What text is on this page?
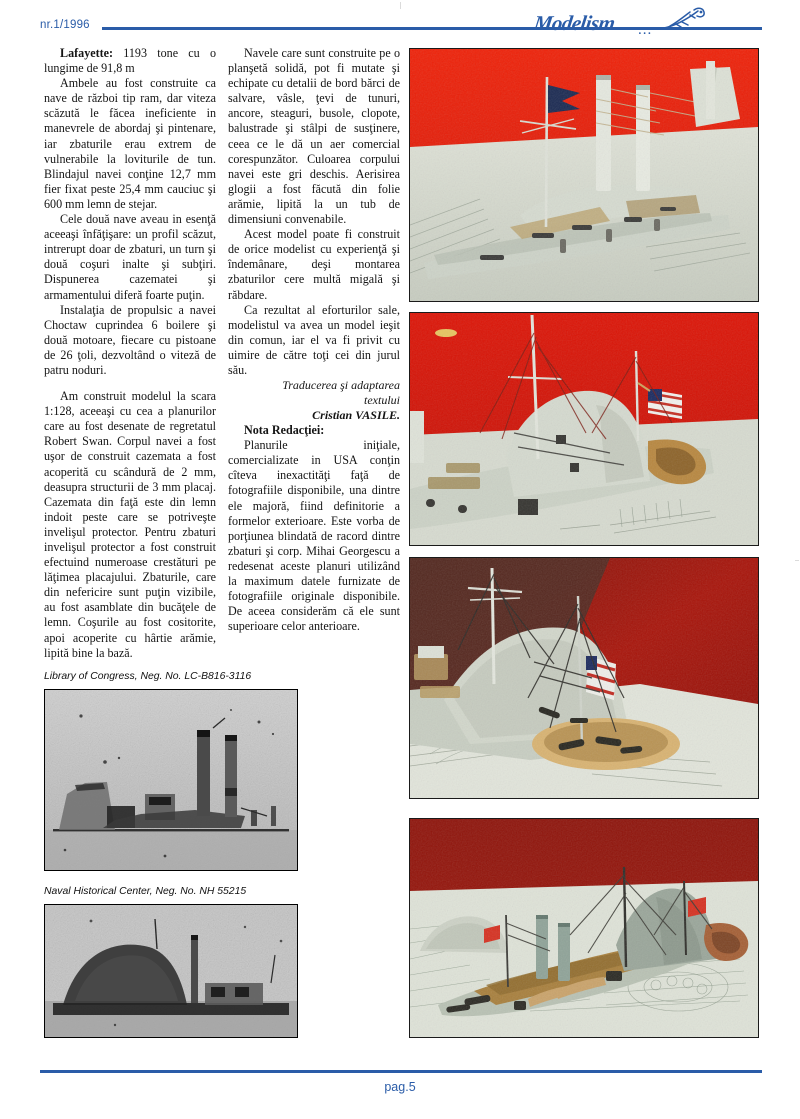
nr.1/1996	Modelism ...

Lafayette: 1193 tone cu o lungime de 91,8 m

Ambele au fost construite ca nave de război tip ram, dar viteza scăzută le făcea ineficiente in manevrele de abordaj şi pintenare, iar zbaturile erau extrem de vulnerabile la loviturile de tun. Blindajul navei conţine 12,7 mm fier fixat peste 25,4 mm cauciuc şi 600 mm lemn de stejar.

Cele două nave aveau in esenţă aceeaşi înfăţişare: un profil scăzut, intrerupt doar de zbaturi, un turn şi două coşuri inalte şi subţiri. Dispunerea cazematei şi armamentului diferă foarte puţin.

Instalaţia de propulsic a navei Choctaw cuprindea 6 boilere şi două motoare, fiecare cu pistoane de 26 ţoli, dezvoltând o viteză de patru noduri.

Am construit modelul la scara 1:128, aceeaşi cu cea a planurilor care au fost desenate de regretatul Robert Swan. Corpul navei a fost uşor de construit cazemata a fost acoperită cu scândură de 2 mm, deasupra structurii de 3 mm placaj. Cazemata din faţă este din lemn indoit peste care se potriveşte invelişul protector. Pentru zbaturi invelişul protector a fost construit efectuind numeroase crestături pe lăţimea placajului. Zbaturile, care din nefericire sunt puţin vizibile, au fost asamblate din bucăţele de lemn. Coşurile au fost cositorite, apoi acoperite cu hârtie arămie, lipită bine la bază.

Navele care sunt construite pe o planşetă solidă, pot fi mutate şi echipate cu detalii de bord bărci de salvare, vâsle, ţevi de tunuri, ancore, steaguri, busole, clopote, balustrade şi stâlpi de susţinere, ceea ce le dă un aer comercial corespunzător. Culoarea corpului navei este gri deschis. Aerisirea glogii a fost făcută din folie arămie, lipită la un tub de dimensiuni convenabile.

Acest model poate fi construit de orice modelist cu experienţă şi îndemânare, deşi montarea zbaturilor cere multă migală şi răbdare.

Ca rezultat al eforturilor sale, modelistul va avea un model ieşit din comun, iar el va fi privit cu uimire de către toţi cei din jurul său.

Traducerea şi adaptarea textului

Cristian VASILE.

Nota Redacţiei:

Planurile iniţiale, comercializate in USA conţin cîteva inexactităţi faţă de fotografiile disponibile, una dintre ele majoră, fiind definitorie a formelor exterioare. Este vorba de porţiunea blindată de racord dintre zbaturi şi corp. Mihai Georgescu a redesenat aceste planuri utilizând la maximum datele furnizate de fotografiile originale disponibile. De aceea considerăm că ele sunt superioare celor anterioare.

Library of Congress, Neg. No. LC-B816-3116
Naval Historical Center, Neg. No. NH 55215
pag.5
